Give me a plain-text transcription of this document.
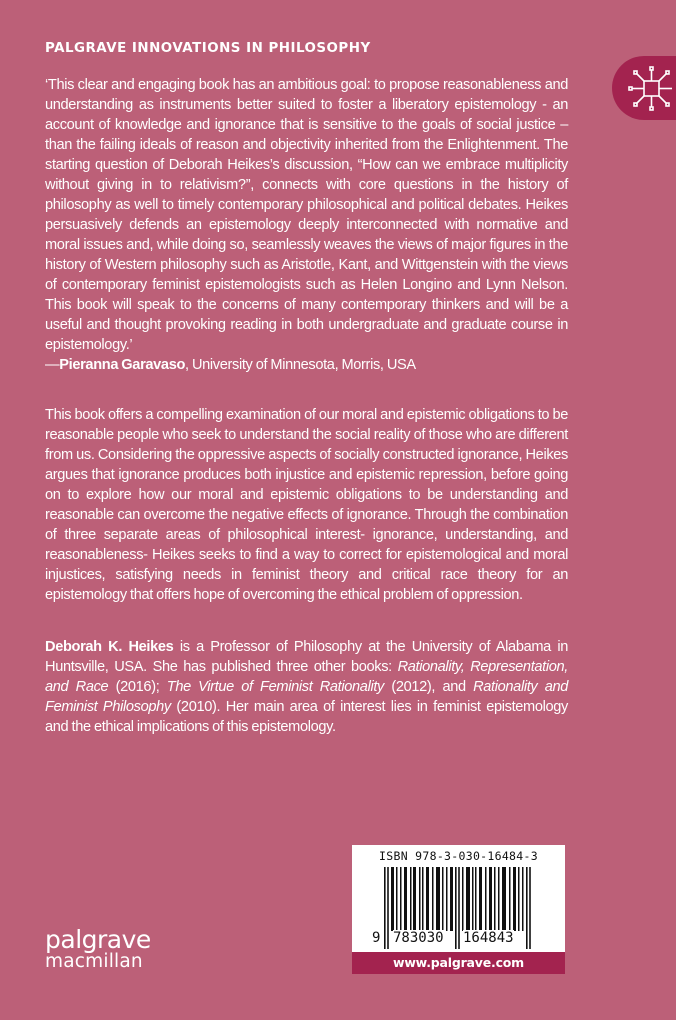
PALGRAVE INNOVATIONS IN PHILOSOPHY
‘This clear and engaging book has an ambitious goal: to propose reasonableness and understanding as instruments better suited to foster a liberatory epistemology - an account of knowledge and ignorance that is sensitive to the goals of social justice – than the failing ideals of reason and objectivity inherited from the Enlightenment. The starting question of Deborah Heikes’s discussion, “How can we embrace multiplicity without giving in to relativism?”, connects with core questions in the history of philosophy as well to timely contemporary philosophical and political debates. Heikes persuasively defends an epistemology deeply interconnected with normative and moral issues and, while doing so, seamlessly weaves the views of major figures in the history of Western philosophy such as Aristotle, Kant, and Wittgenstein with the views of contemporary feminist epistemologists such as Helen Longino and Lynn Nelson. This book will speak to the concerns of many contemporary thinkers and will be a useful and thought provoking reading in both undergraduate and graduate course in epistemology.’
—Pieranna Garavaso, University of Minnesota, Morris, USA
This book offers a compelling examination of our moral and epistemic obligations to be reasonable people who seek to understand the social reality of those who are different from us. Considering the oppressive aspects of socially constructed ignorance, Heikes argues that ignorance produces both injustice and epistemic repression, before going on to explore how our moral and epistemic obligations to be understanding and reasonable can overcome the negative effects of ignorance. Through the combination of three separate areas of philosophical interest- ignorance, understanding, and reasonableness- Heikes seeks to find a way to correct for epistemological and moral injustices, satisfying needs in feminist theory and critical race theory for an epistemology that offers hope of overcoming the ethical problem of oppression.
Deborah K. Heikes is a Professor of Philosophy at the University of Alabama in Huntsville, USA. She has published three other books: Rationality, Representation, and Race (2016); The Virtue of Feminist Rationality (2012), and Rationality and Feminist Philosophy (2010). Her main area of interest lies in feminist epistemology and the ethical implications of this epistemology.
ISBN 978-3-030-16484-3
9 783030 164843
www.palgrave.com
palgrave
macmillan
